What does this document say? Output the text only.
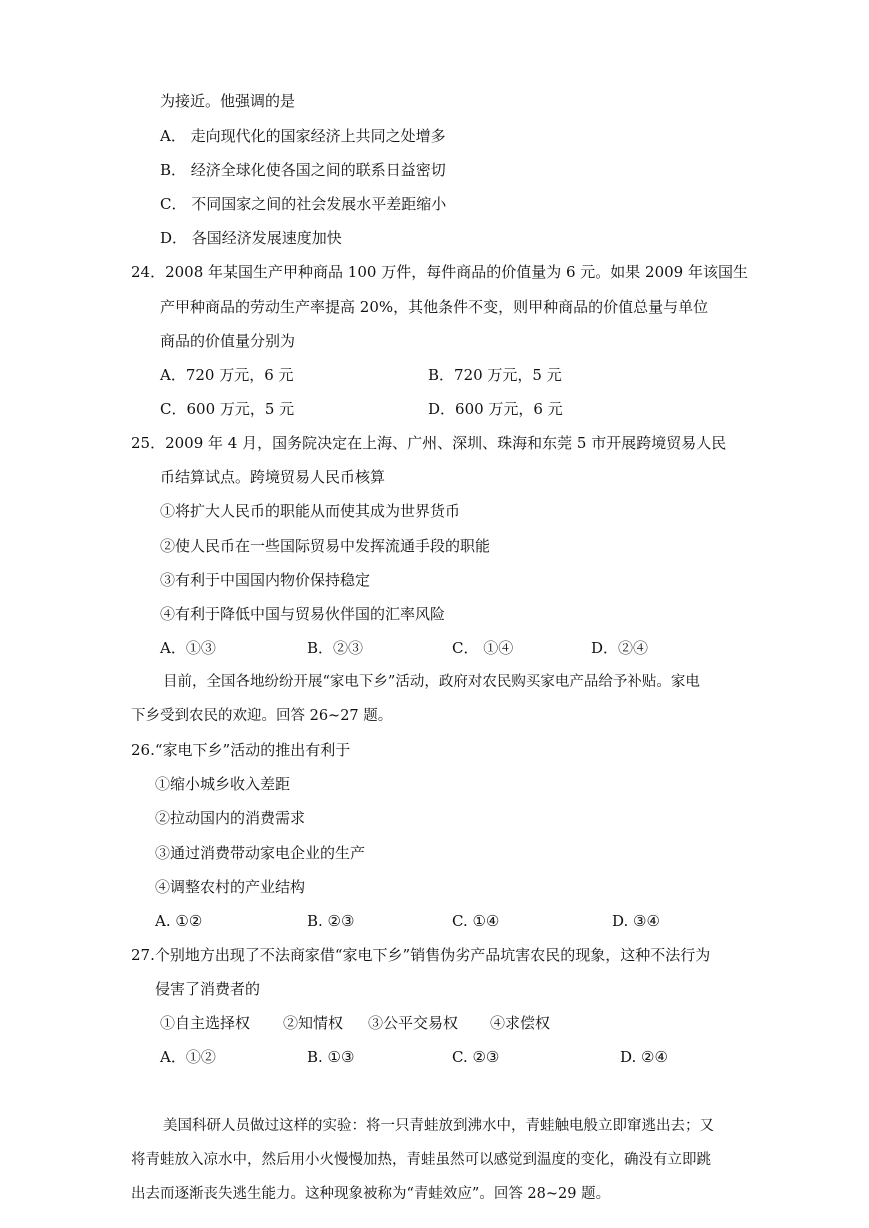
为接近。他强调的是
A． 走向现代化的国家经济上共同之处增多
B． 经济全球化使各国之间的联系日益密切
C． 不同国家之间的社会发展水平差距缩小
D． 各国经济发展速度加快
24．2008 年某国生产甲种商品 100 万件，每件商品的价值量为 6 元。如果 2009 年该国生
产甲种商品的劳动生产率提高 20%，其他条件不变，则甲种商品的价值总量与单位
商品的价值量分别为
A．720 万元，6 元	B．720 万元，5 元
C．600 万元，5 元	D．600 万元，6 元
25．2009 年 4 月，国务院决定在上海、广州、深圳、珠海和东莞 5 市开展跨境贸易人民
币结算试点。跨境贸易人民币核算
①将扩大人民币的职能从而使其成为世界货币
②使人民币在一些国际贸易中发挥流通手段的职能
③有利于中国国内物价保持稳定
④有利于降低中国与贸易伙伴国的汇率风险
A．①③	B．②③	C． ①④	D．②④
目前，全国各地纷纷开展“家电下乡”活动，政府对农民购买家电产品给予补贴。家电
下乡受到农民的欢迎。回答 26~27 题。
26.“家电下乡”活动的推出有利于
①缩小城乡收入差距
②拉动国内的消费需求
③通过消费带动家电企业的生产
④调整农村的产业结构
A. ①②	B. ②③	C. ①④	D. ③④
27.个别地方出现了不法商家借“家电下乡”销售伪劣产品坑害农民的现象，这种不法行为
侵害了消费者的
①自主选择权 ②知情权 ③公平交易权 ④求偿权
A．①②	B. ①③	C. ②③	D. ②④
美国科研人员做过这样的实验：将一只青蛙放到沸水中，青蛙触电般立即窜逃出去；又
将青蛙放入凉水中，然后用小火慢慢加热，青蛙虽然可以感觉到温度的变化，确没有立即跳
出去而逐渐丧失逃生能力。这种现象被称为“青蛙效应”。回答 28~29 题。
